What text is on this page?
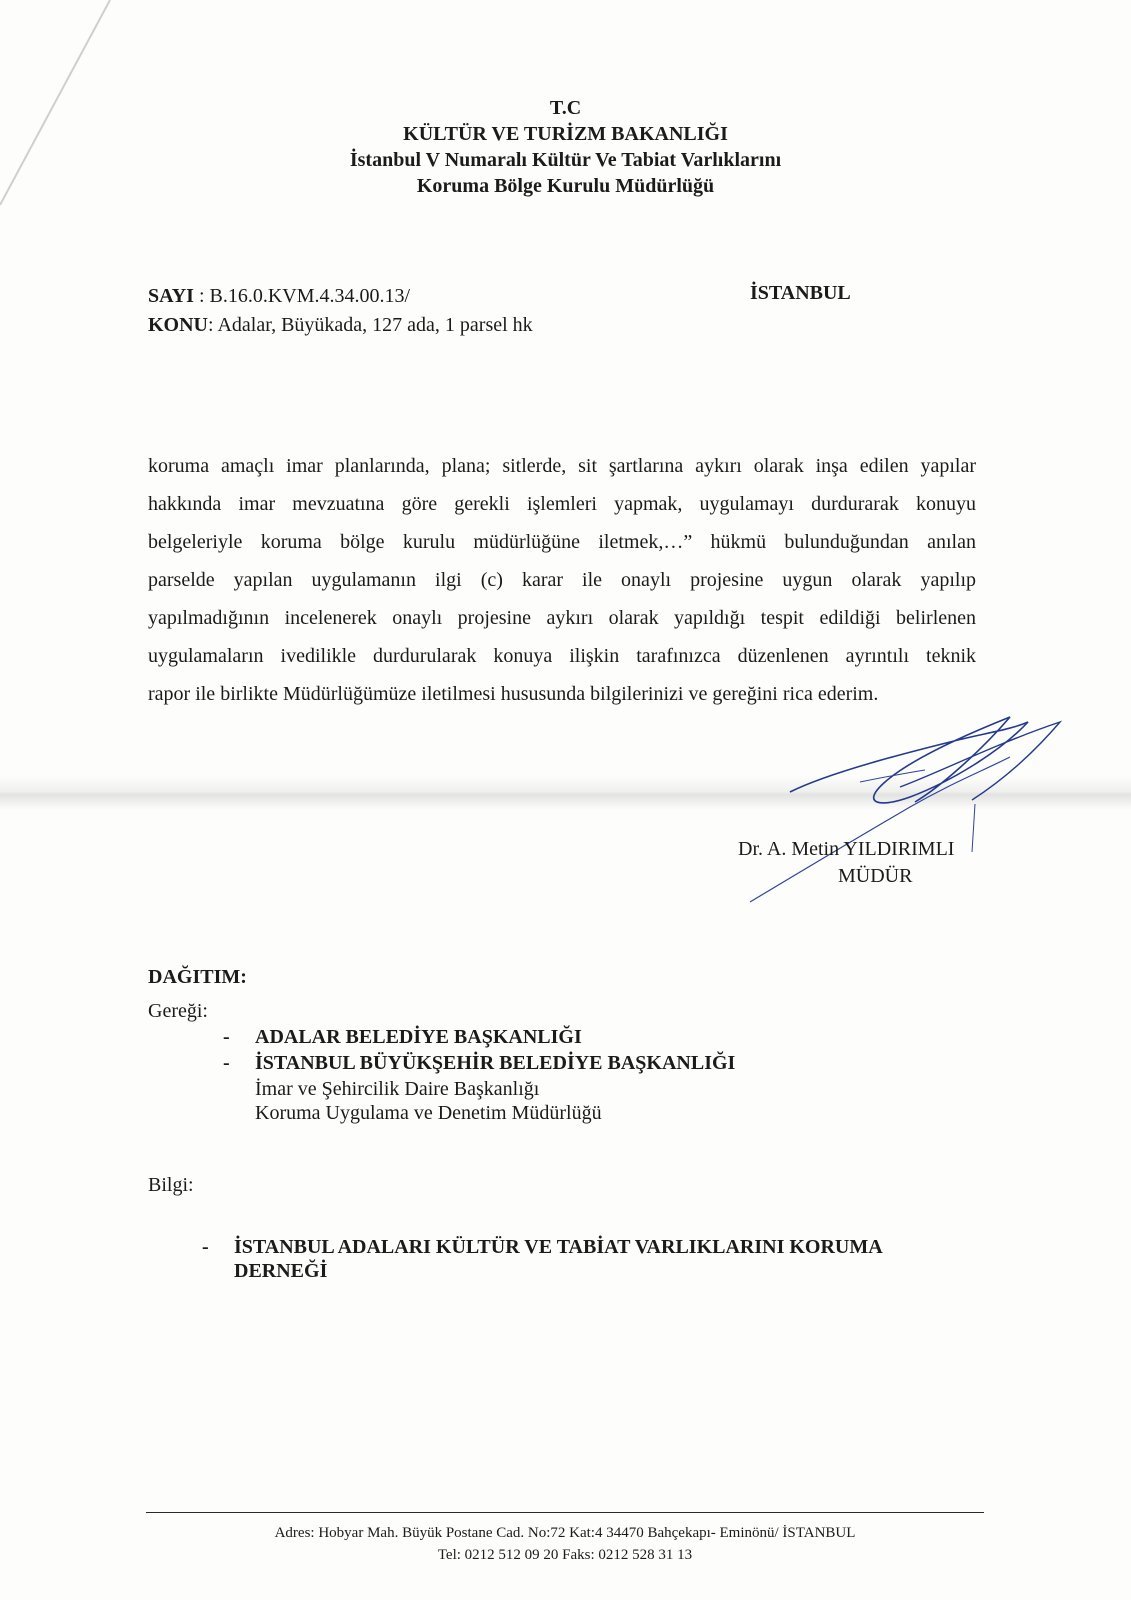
T.C
KÜLTÜR VE TURİZM BAKANLIĞI
İstanbul V Numaralı Kültür Ve Tabiat Varlıklarını
Koruma Bölge Kurulu Müdürlüğü
SAYI : B.16.0.KVM.4.34.00.13/
KONU: Adalar, Büyükada, 127 ada, 1 parsel hk
İSTANBUL

koruma amaçlı imar planlarında, plana; sitlerde, sit şartlarına aykırı olarak inşa edilen yapılar

hakkında imar mevzuatına göre gerekli işlemleri yapmak, uygulamayı durdurarak konuyu

belgeleriyle koruma bölge kurulu müdürlüğüne iletmek,…” hükmü bulunduğundan anılan

parselde yapılan uygulamanın ilgi (c) karar ile onaylı projesine uygun olarak yapılıp

yapılmadığının incelenerek onaylı projesine aykırı olarak yapıldığı tespit edildiği belirlenen

uygulamaların ivedilikle durdurularak konuya ilişkin tarafınızca düzenlenen ayrıntılı teknik

rapor ile birlikte Müdürlüğümüze iletilmesi hususunda bilgilerinizi ve gereğini rica ederim.

Dr. A. Metin YILDIRIMLI
MÜDÜR
DAĞITIM:
Gereği:
- ADALAR BELEDİYE BAŞKANLIĞI
- İSTANBUL BÜYÜKŞEHİR BELEDİYE BAŞKANLIĞI
İmar ve Şehircilik Daire Başkanlığı
Koruma Uygulama ve Denetim Müdürlüğü
Bilgi:
- İSTANBUL ADALARI KÜLTÜR VE TABİAT VARLIKLARINI KORUMA
DERNEĞİ
Adres: Hobyar Mah. Büyük Postane Cad. No:72 Kat:4 34470 Bahçekapı- Eminönü/ İSTANBUL
Tel: 0212 512 09 20 Faks: 0212 528 31 13
